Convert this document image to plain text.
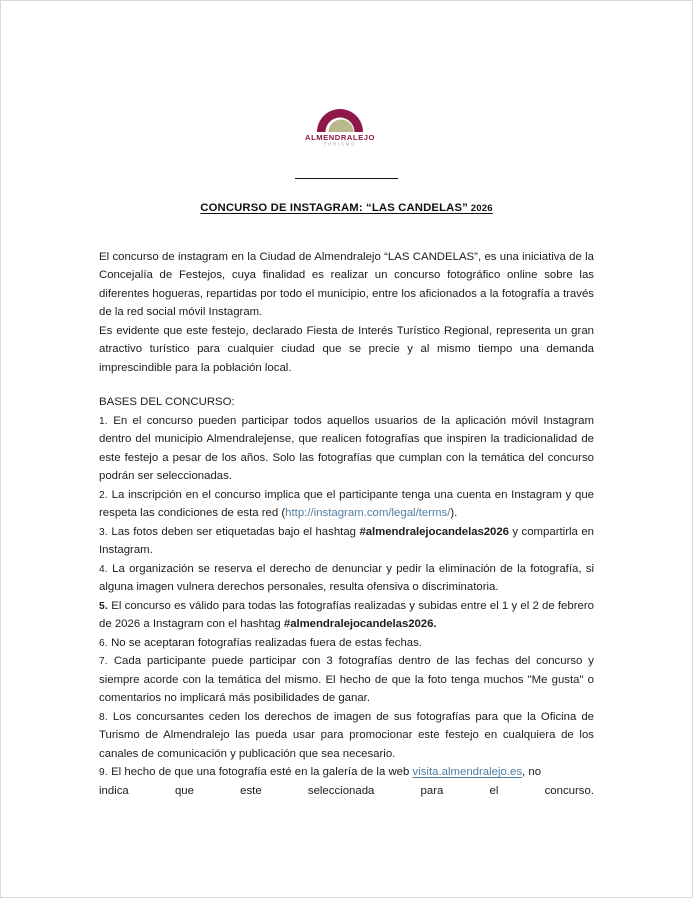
ALMENDRALEJO
TURISMO
CONCURSO DE INSTAGRAM: “LAS CANDELAS” 2026

El concurso de instagram en la Ciudad de Almendralejo “LAS CANDELAS”, es una iniciativa de la Concejalía de Festejos, cuya finalidad es realizar un concurso fotográfico online sobre las diferentes hogueras, repartidas por todo el municipio, entre los aficionados a la fotografía a través de la red social móvil Instagram.

Es evidente que este festejo, declarado Fiesta de Interés Turístico Regional, representa un gran atractivo turístico para cualquier ciudad que se precie y al mismo tiempo una demanda imprescindible para la población local.

BASES DEL CONCURSO:

1. En el concurso pueden participar todos aquellos usuarios de la aplicación móvil Instagram dentro del municipio Almendralejense, que realicen fotografías que inspiren la tradicionalidad de este festejo a pesar de los años. Solo las fotografías que cumplan con la temática del concurso podrán ser seleccionadas.

2. La inscripción en el concurso implica que el participante tenga una cuenta en Instagram y que respeta las condiciones de esta red (http://instagram.com/legal/terms/).

3. Las fotos deben ser etiquetadas bajo el hashtag #almendralejocandelas2026 y compartirla en Instagram.

4. La organización se reserva el derecho de denunciar y pedir la eliminación de la fotografía, si alguna imagen vulnera derechos personales, resulta ofensiva o discriminatoria.

5. El concurso es válido para todas las fotografías realizadas y subidas entre el 1 y el 2 de febrero de 2026 a Instagram con el hashtag #almendralejocandelas2026.

6. No se aceptaran fotografías realizadas fuera de estas fechas.

7. Cada participante puede participar con 3 fotografías dentro de las fechas del concurso y siempre acorde con la temática del mismo. El hecho de que la foto tenga muchos "Me gusta" o comentarios no implicará más posibilidades de ganar.

8. Los concursantes ceden los derechos de imagen de sus fotografías para que la Oficina de Turismo de Almendralejo las pueda usar para promocionar este festejo en cualquiera de los canales de comunicación y publicación que sea necesario.

9. El hecho de que una fotografía esté en la galería de la web visita.almendralejo.es, no

indica que este seleccionada para el concurso.
